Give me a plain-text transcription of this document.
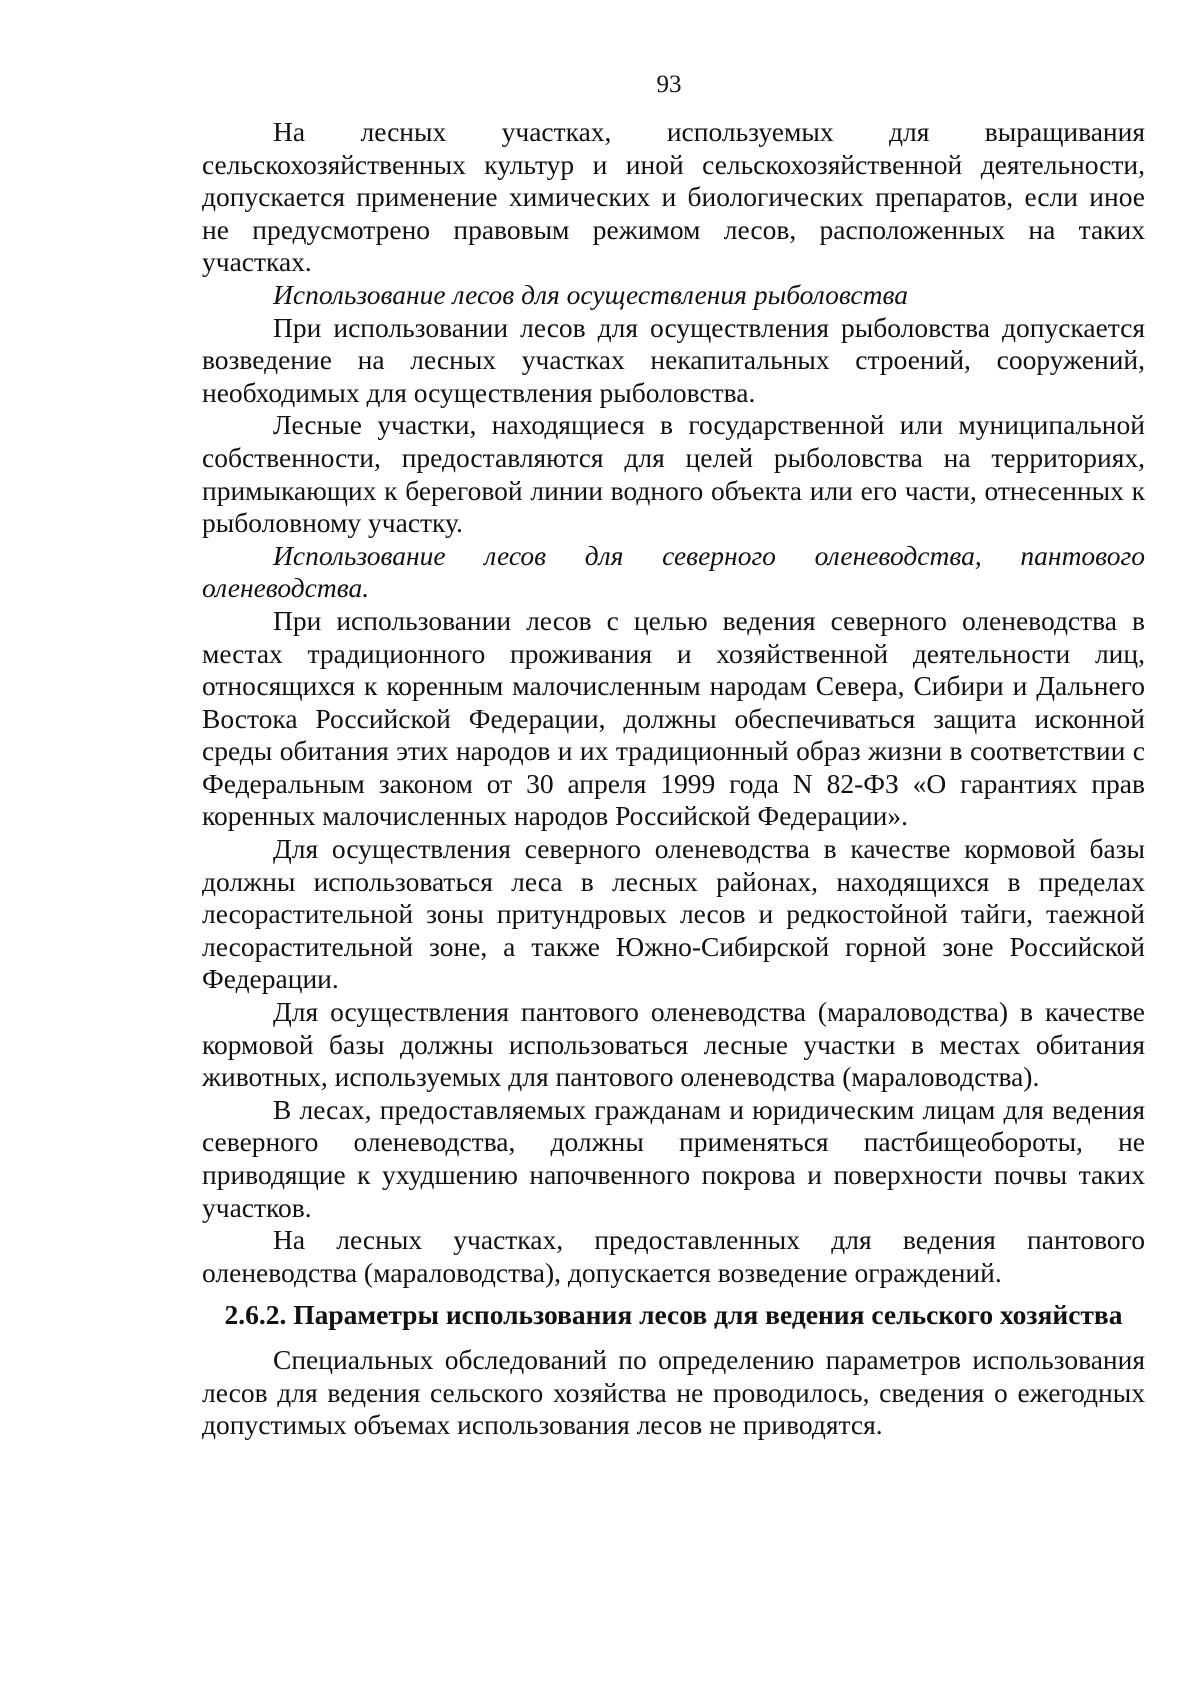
93

На лесных участках, используемых для выращивания сельскохозяйственных культур и иной сельскохозяйственной деятельности, допускается применение химических и биологических препаратов, если иное не предусмотрено правовым режимом лесов, расположенных на таких участках.

Использование лесов для осуществления рыболовства

При использовании лесов для осуществления рыболовства допускается возведение на лесных участках некапитальных строений, сооружений, необходимых для осуществления рыболовства.

Лесные участки, находящиеся в государственной или муниципальной собственности, предоставляются для целей рыболовства на территориях, примыкающих к береговой линии водного объекта или его части, отнесенных к рыболовному участку.

Использование лесов для северного оленеводства, пантового оленеводства.

При использовании лесов с целью ведения северного оленеводства в местах традиционного проживания и хозяйственной деятельности лиц, относящихся к коренным малочисленным народам Севера, Сибири и Дальнего Востока Российской Федерации, должны обеспечиваться защита исконной среды обитания этих народов и их традиционный образ жизни в соответствии с Федеральным законом от 30 апреля 1999 года N 82-ФЗ «О гарантиях прав коренных малочисленных народов Российской Федерации».

Для осуществления северного оленеводства в качестве кормовой базы должны использоваться леса в лесных районах, находящихся в пределах лесорастительной зоны притундровых лесов и редкостойной тайги, таежной лесорастительной зоне, а также Южно-Сибирской горной зоне Российской Федерации.

Для осуществления пантового оленеводства (мараловодства) в качестве кормовой базы должны использоваться лесные участки в местах обитания животных, используемых для пантового оленеводства (мараловодства).

В лесах, предоставляемых гражданам и юридическим лицам для ведения северного оленеводства, должны применяться пастбищеобороты, не приводящие к ухудшению напочвенного покрова и поверхности почвы таких участков.

На лесных участках, предоставленных для ведения пантового оленеводства (мараловодства), допускается возведение ограждений.

2.6.2. Параметры использования лесов для ведения сельского хозяйства

Специальных обследований по определению параметров использования лесов для ведения сельского хозяйства не проводилось, сведения о ежегодных допустимых объемах использования лесов не приводятся.
